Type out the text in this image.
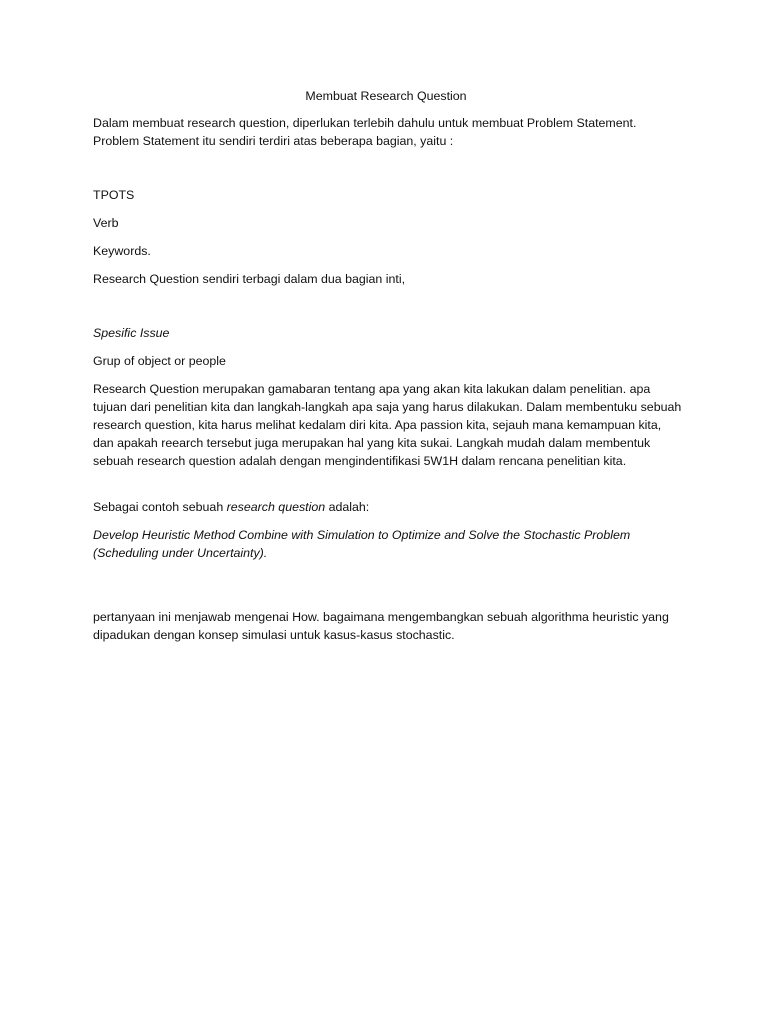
Membuat Research Question

Dalam membuat research question, diperlukan terlebih dahulu untuk membuat Problem Statement. Problem Statement itu sendiri terdiri atas beberapa bagian, yaitu :

TPOTS

Verb

Keywords.

Research Question sendiri terbagi dalam dua bagian inti,

Spesific Issue

Grup of object or people

Research Question merupakan gamabaran tentang apa yang akan kita lakukan dalam penelitian. apa tujuan dari penelitian kita dan langkah-langkah apa saja yang harus dilakukan. Dalam membentuku sebuah research question, kita harus melihat kedalam diri kita. Apa passion kita, sejauh mana kemampuan kita, dan apakah reearch tersebut juga merupakan hal yang kita sukai. Langkah mudah dalam membentuk sebuah research question adalah dengan mengindentifikasi 5W1H dalam rencana penelitian kita.

Sebagai contoh sebuah research question adalah:

Develop Heuristic Method Combine with Simulation to Optimize and Solve the Stochastic Problem (Scheduling under Uncertainty).

pertanyaan ini menjawab mengenai How. bagaimana mengembangkan sebuah algorithma heuristic yang dipadukan dengan konsep simulasi untuk kasus-kasus stochastic.
